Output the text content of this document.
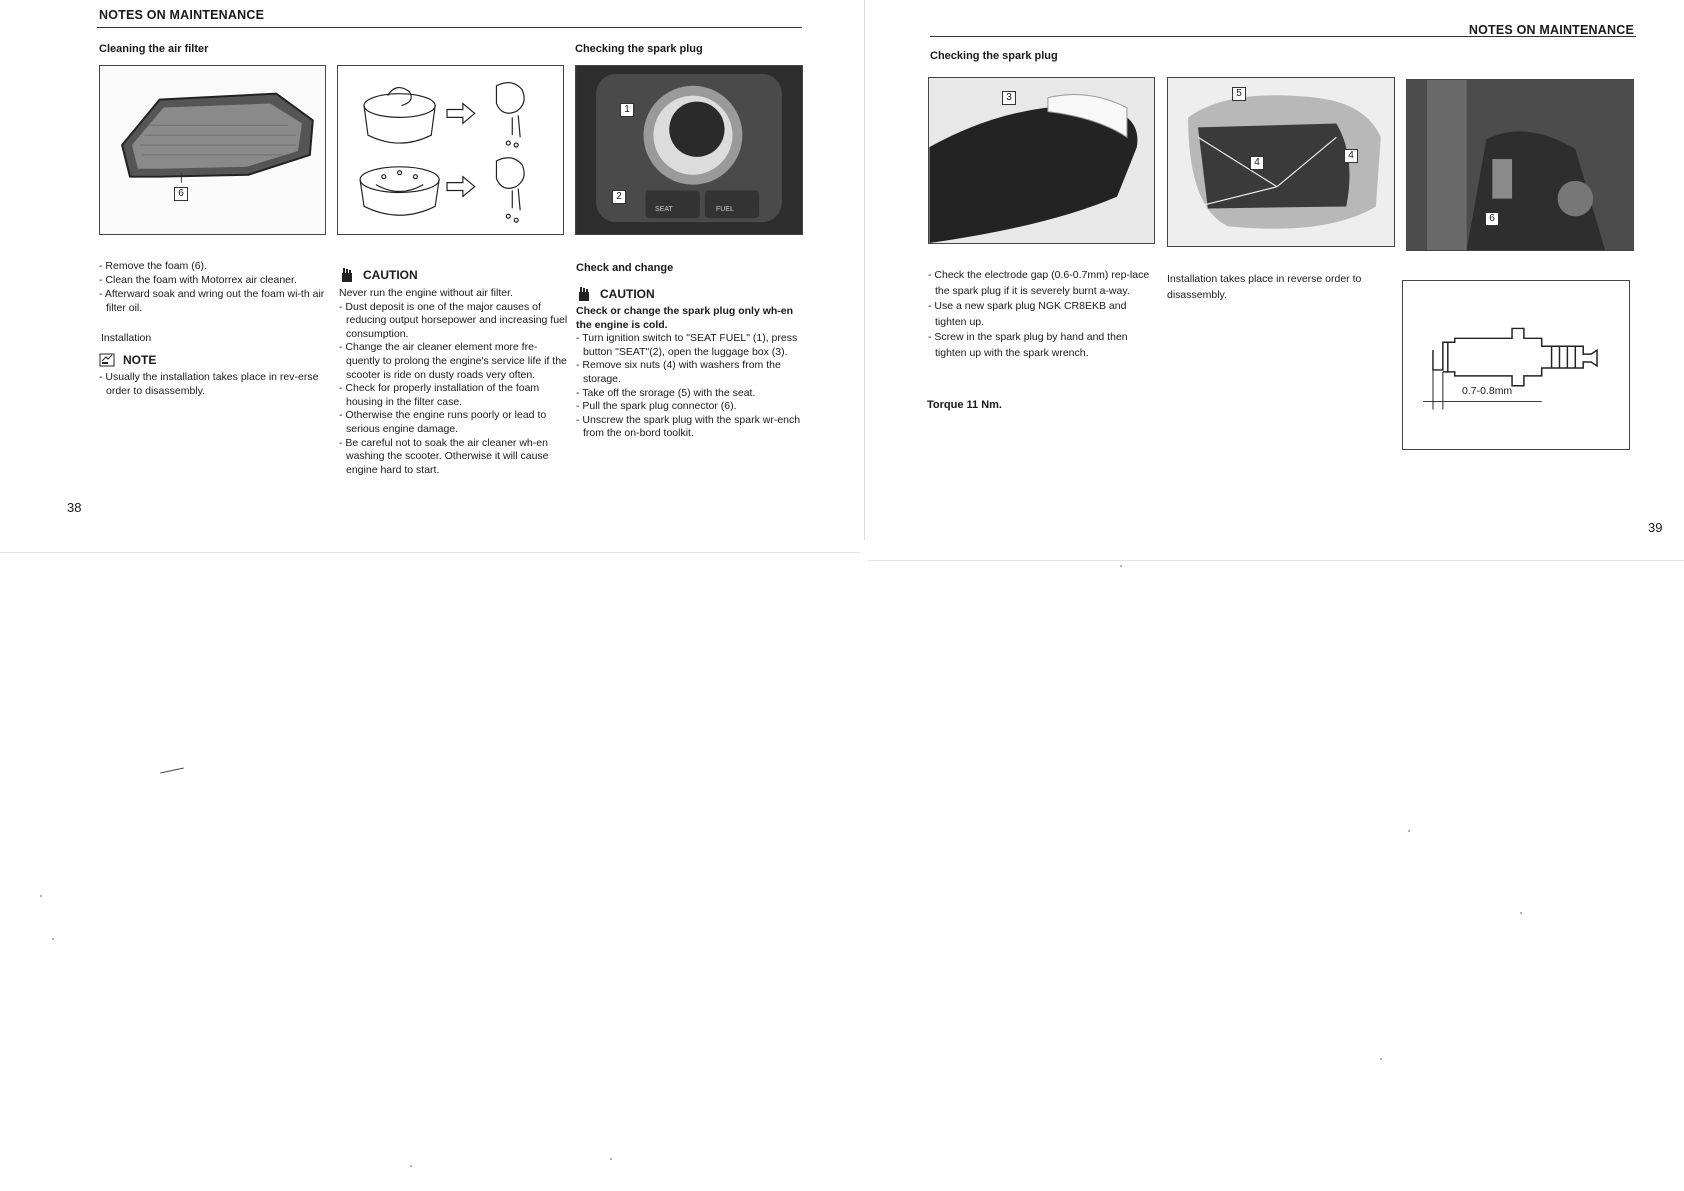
NOTES ON MAINTENANCE
Cleaning the air filter
6
Checking the spark plug
SEAT	FUEL
1
2

- Remove the foam (6).

- Clean the foam with Motorrex air cleaner.

- Afterward soak and wring out the foam wi-th air filter oil.

Installation
NOTE

- Usually the installation takes place in rev-erse order to disassembly.

CAUTION

Never run the engine without air filter.

- Dust deposit is one of the major causes of reducing output horsepower and increasing fuel consumption.

- Change the air cleaner element more fre-quently to prolong the engine's service life if the scooter is ride on dusty roads very often.

- Check for properly installation of the foam housing in the filter case.

- Otherwise the engine runs poorly or lead to serious engine damage.

- Be careful not to soak the air cleaner wh-en washing the scooter. Otherwise it will cause engine hard to start.

Check and change
CAUTION

Check or change the spark plug only wh-en the engine is cold.

- Turn ignition switch to "SEAT FUEL" (1), press button "SEAT"(2), open the luggage box (3).

- Remove six nuts (4) with washers from the storage.

- Take off the srorage (5) with the seat.

- Pull the spark plug connector (6).

- Unscrew the spark plug with the spark wr-ench from the on-bord toolkit.

38
NOTES ON MAINTENANCE
Checking the spark plug
3	5
4
4
6

- Check the electrode gap (0.6-0.7mm) rep-lace the spark plug if it is severely burnt a-way.

- Use a new spark plug NGK CR8EKB and tighten up.

- Screw in the spark plug by hand and then tighten up with the spark wrench.

Torque 11 Nm.
Installation takes place in reverse order to disassembly.
0.7-0.8mm
39
